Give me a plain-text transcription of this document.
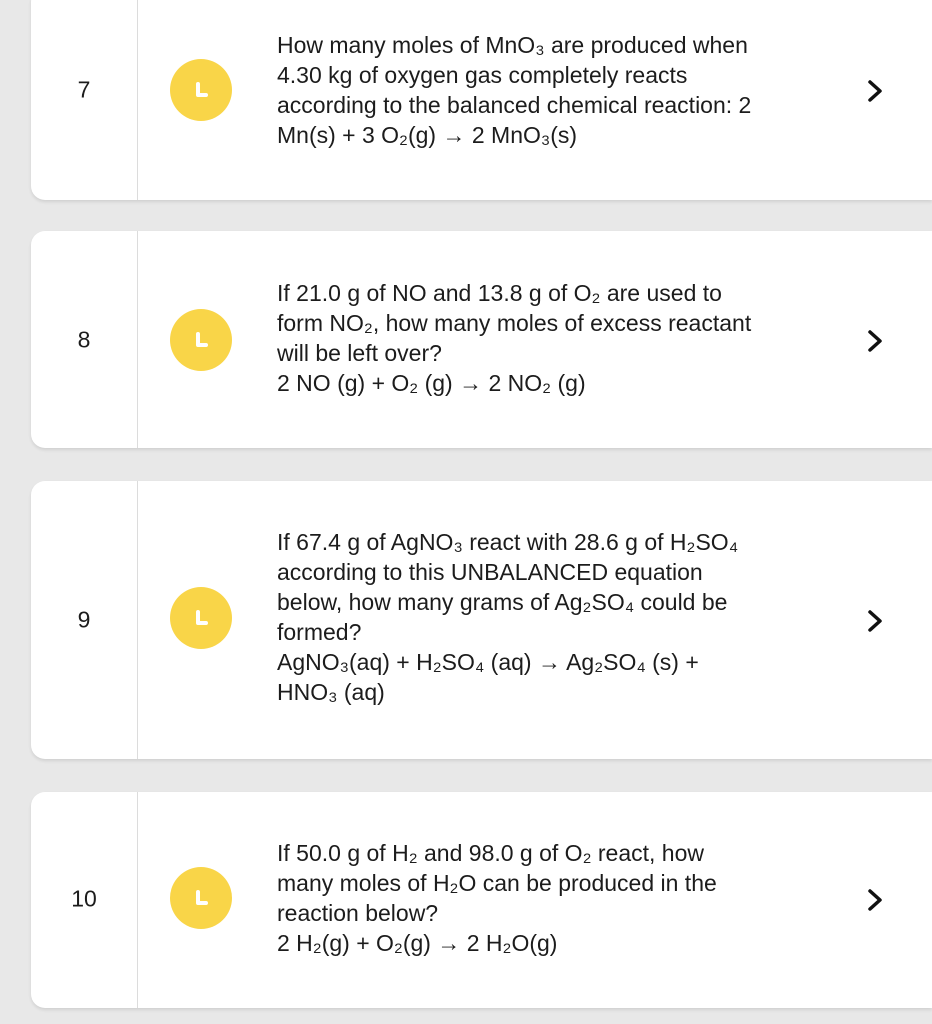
7
How many moles of MnO₃ are produced when
4.30 kg of oxygen gas completely reacts
according to the balanced chemical reaction: 2
Mn(s) + 3 O₂(g) → 2 MnO₃(s)
8
If 21.0 g of NO and 13.8 g of O₂ are used to
form NO₂, how many moles of excess reactant
will be left over?
2 NO (g) + O₂ (g) → 2 NO₂ (g)
9
If 67.4 g of AgNO₃ react with 28.6 g of H₂SO₄
according to this UNBALANCED equation
below, how many grams of Ag₂SO₄ could be
formed?
AgNO₃(aq) + H₂SO₄ (aq) → Ag₂SO₄ (s) +
HNO₃ (aq)
10
If 50.0 g of H₂ and 98.0 g of O₂ react, how
many moles of H₂O can be produced in the
reaction below?
2 H₂(g) + O₂(g) → 2 H₂O(g)
